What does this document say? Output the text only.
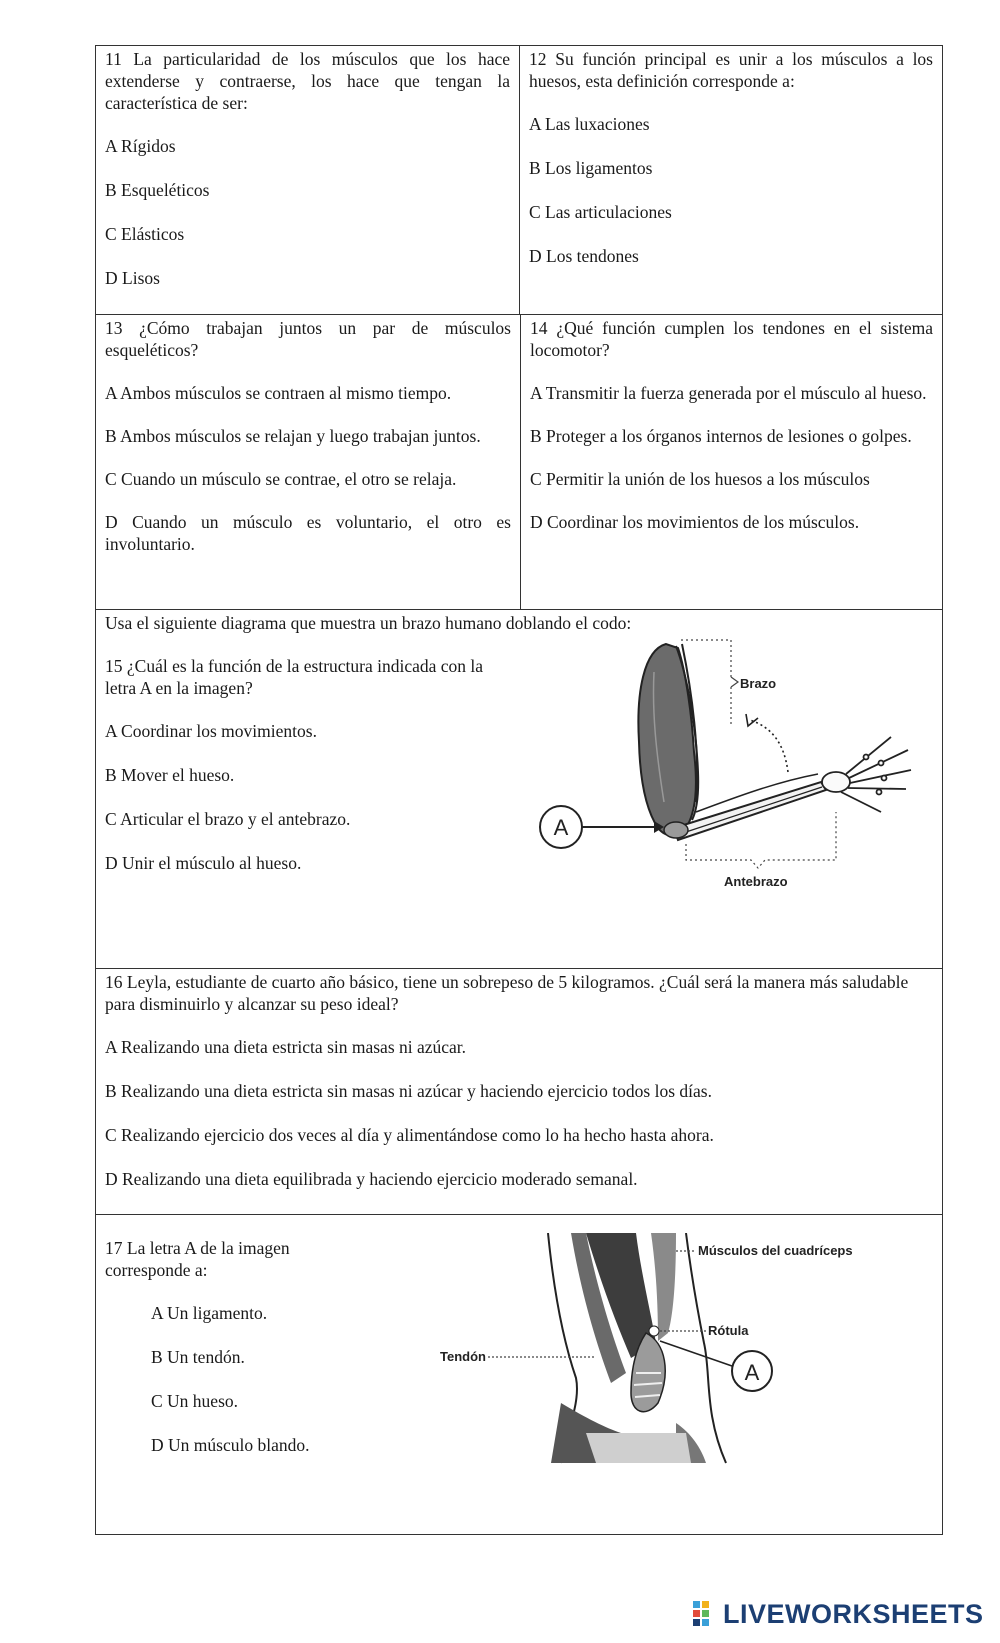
11 La particularidad de los músculos que los hace extenderse y contraerse, los hace que tengan la característica de ser:

A Rígidos
B Esqueléticos
C Elásticos
D Lisos

12 Su función principal es unir a los músculos a los huesos, esta definición corresponde a:

A Las luxaciones
B Los ligamentos
C Las articulaciones
D Los tendones

13 ¿Cómo trabajan juntos un par de músculos esqueléticos?

A Ambos músculos se contraen al mismo tiempo.

B Ambos músculos se relajan y luego trabajan juntos.

C Cuando un músculo se contrae, el otro se relaja.

D Cuando un músculo es voluntario, el otro es involuntario.

14 ¿Qué función cumplen los tendones en el sistema locomotor?

A Transmitir la fuerza generada por el músculo al hueso.

B Proteger a los órganos internos de lesiones o golpes.

C Permitir la unión de los huesos a los músculos

D Coordinar los movimientos de los músculos.

Usa el siguiente diagrama que muestra un brazo humano doblando el codo:

15 ¿Cuál es la función de la estructura indicada con la letra A en la imagen?

A Coordinar los movimientos.
B Mover el hueso.
C Articular el brazo y el antebrazo.
D Unir el músculo al hueso.
Brazo
Antebrazo
A

16 Leyla, estudiante de cuarto año básico, tiene un sobrepeso de 5 kilogramos. ¿Cuál será la manera más saludable para disminuirlo y alcanzar su peso ideal?

A Realizando una dieta estricta sin masas ni azúcar.
B Realizando una dieta estricta sin masas ni azúcar y haciendo ejercicio todos los días.
C Realizando ejercicio dos veces al día y alimentándose como lo ha hecho hasta ahora.
D Realizando una dieta equilibrada y haciendo ejercicio moderado semanal.

17 La letra A de la imagen corresponde a:

A Un ligamento.
B Un tendón.
C Un hueso.
D Un músculo blando.
Tendón
Músculos del cuadríceps
Rótula
A
LIVEWORKSHEETS
